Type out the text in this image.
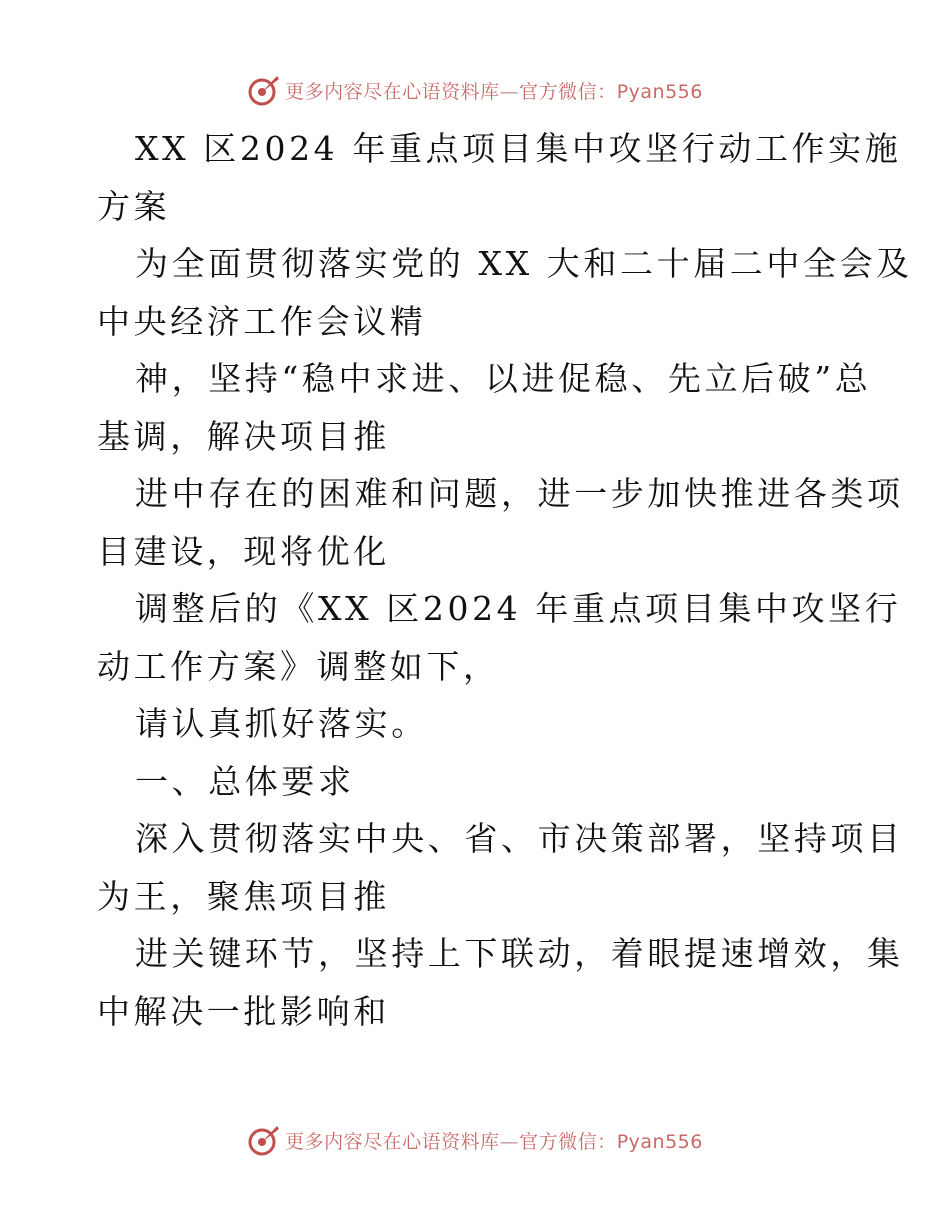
更多内容尽在心语资料库—官方微信：Pyan556
XX 区2024 年重点项目集中攻坚行动工作实施
方案
为全面贯彻落实党的 XX 大和二十届二中全会及
中央经济工作会议精
神，坚持“稳中求进、以进促稳、先立后破”总
基调，解决项目推
进中存在的困难和问题，进一步加快推进各类项
目建设，现将优化
调整后的《XX 区2024 年重点项目集中攻坚行
动工作方案》调整如下，
请认真抓好落实。
一、总体要求
深入贯彻落实中央、省、市决策部署，坚持项目
为王，聚焦项目推
进关键环节，坚持上下联动，着眼提速增效，集
中解决一批影响和
更多内容尽在心语资料库—官方微信：Pyan556
